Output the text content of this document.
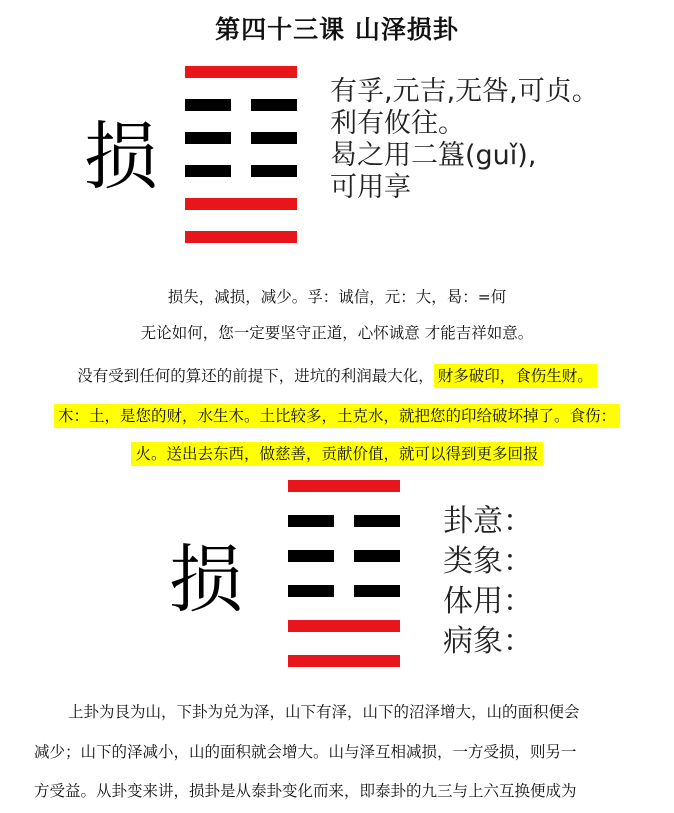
第四十三课 山泽损卦
损
有孚,元吉,无咎,可贞。
利有攸往。
曷之用二簋(guǐ),
可用享
损失，减损，减少。孚：诚信，元：大，曷：=何
无论如何，您一定要坚守正道，心怀诚意 才能吉祥如意。
没有受到任何的算还的前提下，进坑的利润最大化， 财多破印，食伤生财。
木：土，是您的财，水生木。土比较多，土克水，就把您的印给破坏掉了。食伤：
火。送出去东西，做慈善，贡献价值，就可以得到更多回报
损
卦意：
类象：
体用：
病象：
上卦为艮为山，下卦为兑为泽，山下有泽，山下的沼泽增大，山的面积便会
减少；山下的泽减小，山的面积就会增大。山与泽互相减损，一方受损，则另一
方受益。从卦变来讲，损卦是从泰卦变化而来，即泰卦的九三与上六互换便成为
